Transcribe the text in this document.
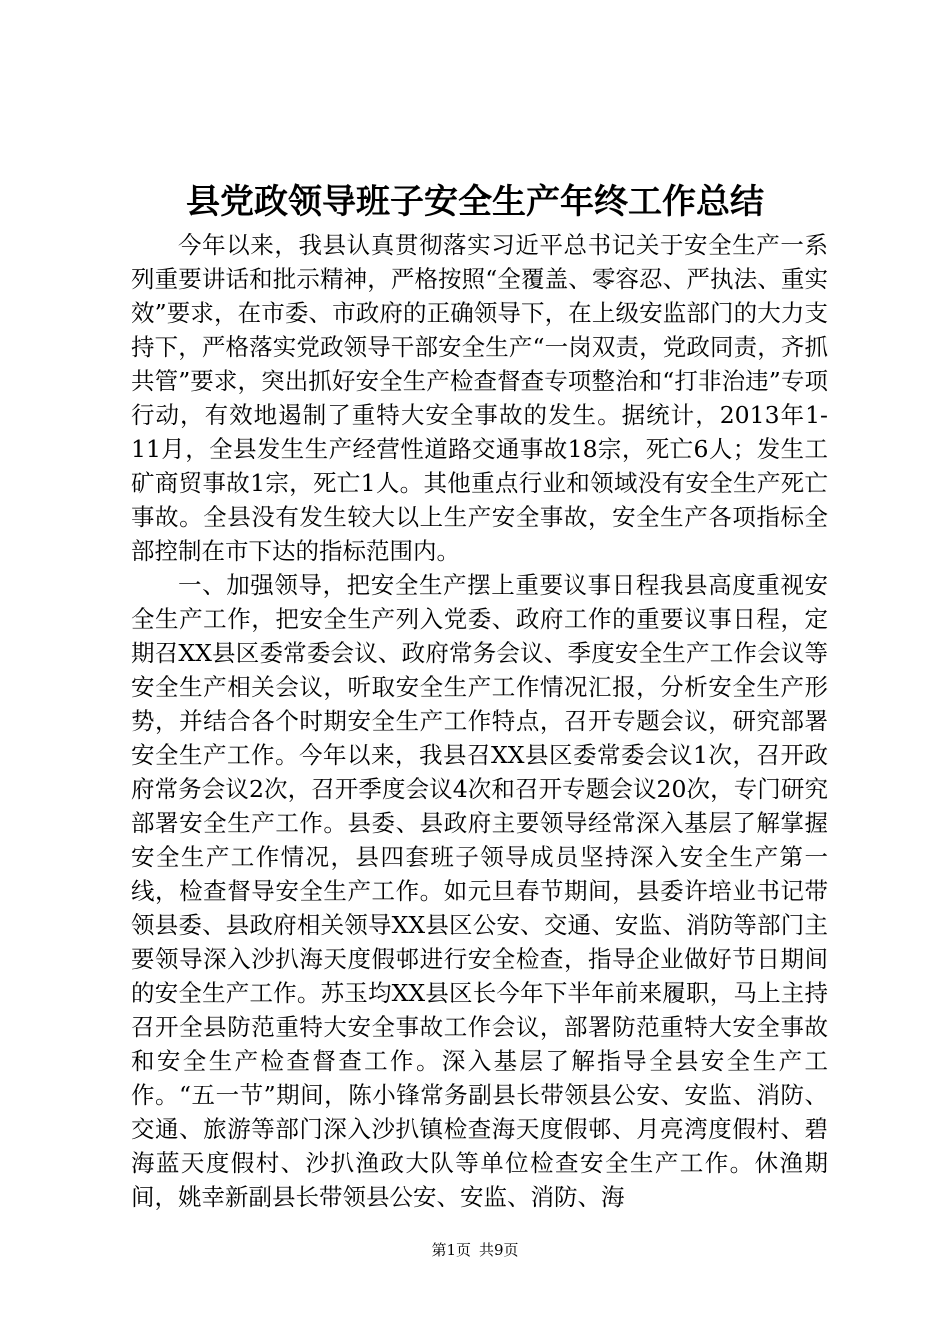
县党政领导班子安全生产年终工作总结

今年以来，我县认真贯彻落实习近平总书记关于安全生产一系列重要讲话和批示精神，严格按照“全覆盖、零容忍、严执法、重实效”要求，在市委、市政府的正确领导下，在上级安监部门的大力支持下，严格落实党政领导干部安全生产“一岗双责，党政同责，齐抓共管”要求，突出抓好安全生产检查督查专项整治和“打非治违”专项行动，有效地遏制了重特大安全事故的发生。据统计，2013年1-11月，全县发生生产经营性道路交通事故18宗，死亡6人；发生工矿商贸事故1宗，死亡1人。其他重点行业和领域没有安全生产死亡事故。全县没有发生较大以上生产安全事故，安全生产各项指标全部控制在市下达的指标范围内。

一、加强领导，把安全生产摆上重要议事日程我县高度重视安全生产工作，把安全生产列入党委、政府工作的重要议事日程，定期召XX县区委常委会议、政府常务会议、季度安全生产工作会议等安全生产相关会议，听取安全生产工作情况汇报，分析安全生产形势，并结合各个时期安全生产工作特点，召开专题会议，研究部署安全生产工作。今年以来，我县召XX县区委常委会议1次，召开政府常务会议2次，召开季度会议4次和召开专题会议20次，专门研究部署安全生产工作。县委、县政府主要领导经常深入基层了解掌握安全生产工作情况，县四套班子领导成员坚持深入安全生产第一线，检查督导安全生产工作。如元旦春节期间，县委许培业书记带领县委、县政府相关领导XX县区公安、交通、安监、消防等部门主要领导深入沙扒海天度假邨进行安全检查，指导企业做好节日期间的安全生产工作。苏玉均XX县区长今年下半年前来履职，马上主持召开全县防范重特大安全事故工作会议，部署防范重特大安全事故和安全生产检查督查工作。深入基层了解指导全县安全生产工作。“五一节”期间，陈小锋常务副县长带领县公安、安监、消防、交通、旅游等部门深入沙扒镇检查海天度假邨、月亮湾度假村、碧海蓝天度假村、沙扒渔政大队等单位检查安全生产工作。休渔期间，姚幸新副县长带领县公安、安监、消防、海

第1页 共9页
